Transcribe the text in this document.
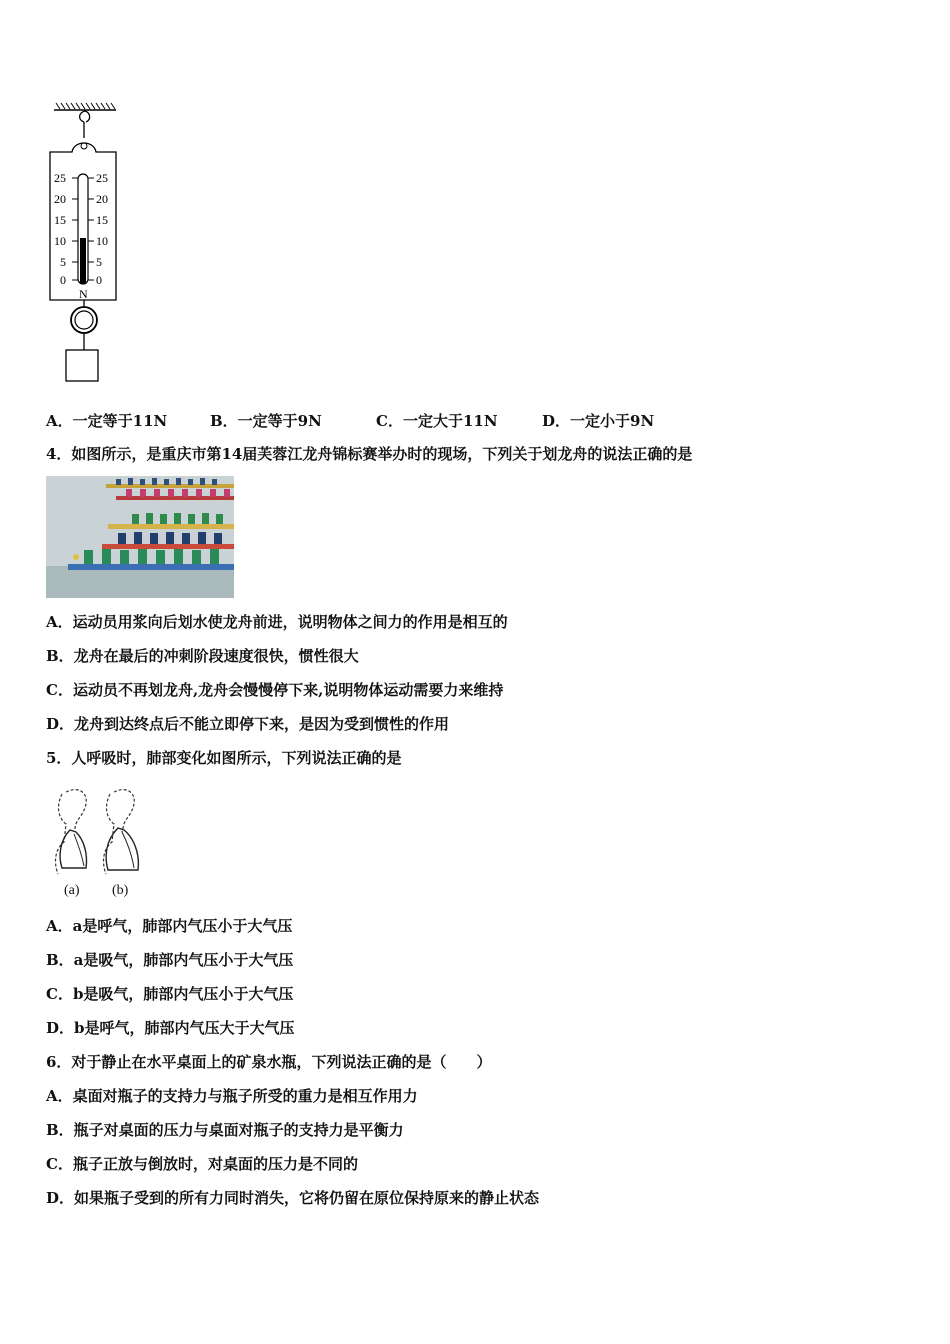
25
20
15
10
5
0
25
20
15
10
5
0
N
A．一定等于11N	B．一定等于9N	C．一定大于11N	D．一定小于9N
4．如图所示，是重庆市第14届芙蓉江龙舟锦标赛举办时的现场，下列关于划龙舟的说法正确的是
A．运动员用浆向后划水使龙舟前进，说明物体之间力的作用是相互的
B．龙舟在最后的冲刺阶段速度很快，惯性很大
C．运动员不再划龙舟,龙舟会慢慢停下来,说明物体运动需要力来维持
D．龙舟到达终点后不能立即停下来，是因为受到惯性的作用
5．人呼吸时，肺部变化如图所示，下列说法正确的是
(a) (b)
A．a是呼气，肺部内气压小于大气压
B．a是吸气，肺部内气压小于大气压
C．b是吸气，肺部内气压小于大气压
D．b是呼气，肺部内气压大于大气压
6．对于静止在水平桌面上的矿泉水瓶，下列说法正确的是（　　）
A．桌面对瓶子的支持力与瓶子所受的重力是相互作用力
B．瓶子对桌面的压力与桌面对瓶子的支持力是平衡力
C．瓶子正放与倒放时，对桌面的压力是不同的
D．如果瓶子受到的所有力同时消失，它将仍留在原位保持原来的静止状态
